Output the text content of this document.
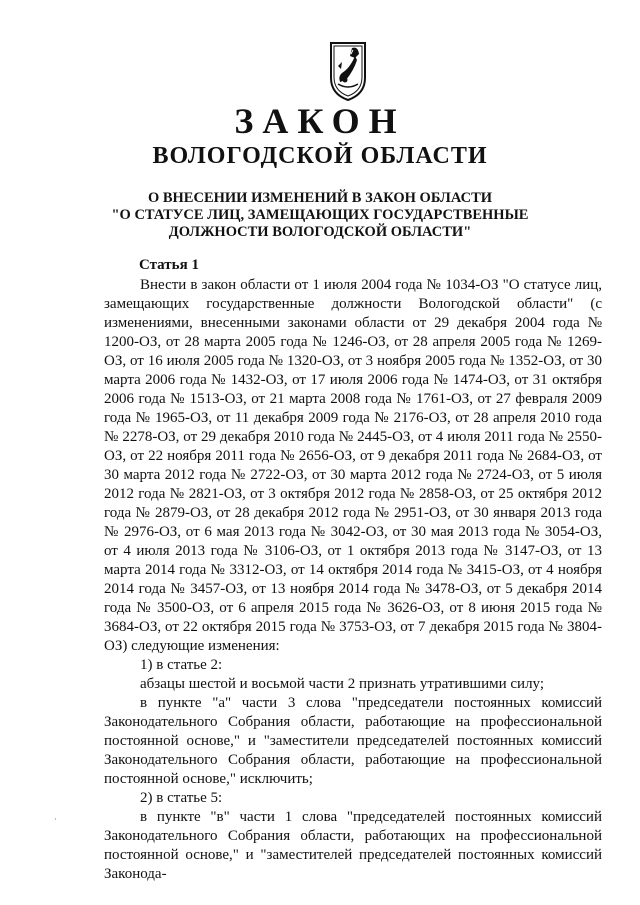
ЗАКОН
ВОЛОГОДСКОЙ ОБЛАСТИ
О ВНЕСЕНИИ ИЗМЕНЕНИЙ В ЗАКОН ОБЛАСТИ
"О СТАТУСЕ ЛИЦ, ЗАМЕЩАЮЩИХ ГОСУДАРСТВЕННЫЕ
ДОЛЖНОСТИ ВОЛОГОДСКОЙ ОБЛАСТИ"
Статья 1

Внести в закон области от 1 июля 2004 года № 1034-ОЗ "О статусе лиц, замещающих государственные должности Вологодской области" (с изменениями, внесенными законами области от 29 декабря 2004 года № 1200-ОЗ, от 28 марта 2005 года № 1246-ОЗ, от 28 апреля 2005 года № 1269-ОЗ, от 16 июля 2005 года № 1320-ОЗ, от 3 ноября 2005 года № 1352-ОЗ, от 30 марта 2006 года № 1432-ОЗ, от 17 июля 2006 года № 1474-ОЗ, от 31 октября 2006 года № 1513-ОЗ, от 21 марта 2008 года № 1761-ОЗ, от 27 февраля 2009 года № 1965-ОЗ, от 11 декабря 2009 года № 2176-ОЗ, от 28 апреля 2010 года № 2278-ОЗ, от 29 декабря 2010 года № 2445-ОЗ, от 4 июля 2011 года № 2550-ОЗ, от 22 ноября 2011 года № 2656-ОЗ, от 9 декабря 2011 года № 2684-ОЗ, от 30 марта 2012 года № 2722-ОЗ, от 30 марта 2012 года № 2724-ОЗ, от 5 июля 2012 года № 2821-ОЗ, от 3 октября 2012 года № 2858-ОЗ, от 25 октября 2012 года № 2879-ОЗ, от 28 декабря 2012 года № 2951-ОЗ, от 30 января 2013 года № 2976-ОЗ, от 6 мая 2013 года № 3042-ОЗ, от 30 мая 2013 года № 3054-ОЗ, от 4 июля 2013 года № 3106-ОЗ, от 1 октября 2013 года № 3147-ОЗ, от 13 марта 2014 года № 3312-ОЗ, от 14 октября 2014 года № 3415-ОЗ, от 4 ноября 2014 года № 3457-ОЗ, от 13 ноября 2014 года № 3478-ОЗ, от 5 декабря 2014 года № 3500-ОЗ, от 6 апреля 2015 года № 3626-ОЗ, от 8 июня 2015 года № 3684-ОЗ, от 22 октября 2015 года № 3753-ОЗ, от 7 декабря 2015 года № 3804-ОЗ) следующие изменения:

1) в статье 2:

абзацы шестой и восьмой части 2 признать утратившими силу;

в пункте "а" части 3 слова "председатели постоянных комиссий Законодательного Собрания области, работающие на профессиональной постоянной основе," и "заместители председателей постоянных комиссий Законодательного Собрания области, работающие на профессиональной постоянной основе," исключить;

2) в статье 5:

в пункте "в" части 1 слова "председателей постоянных комиссий Законодательного Собрания области, работающих на профессиональной постоянной основе," и "заместителей председателей постоянных комиссий Законода-
